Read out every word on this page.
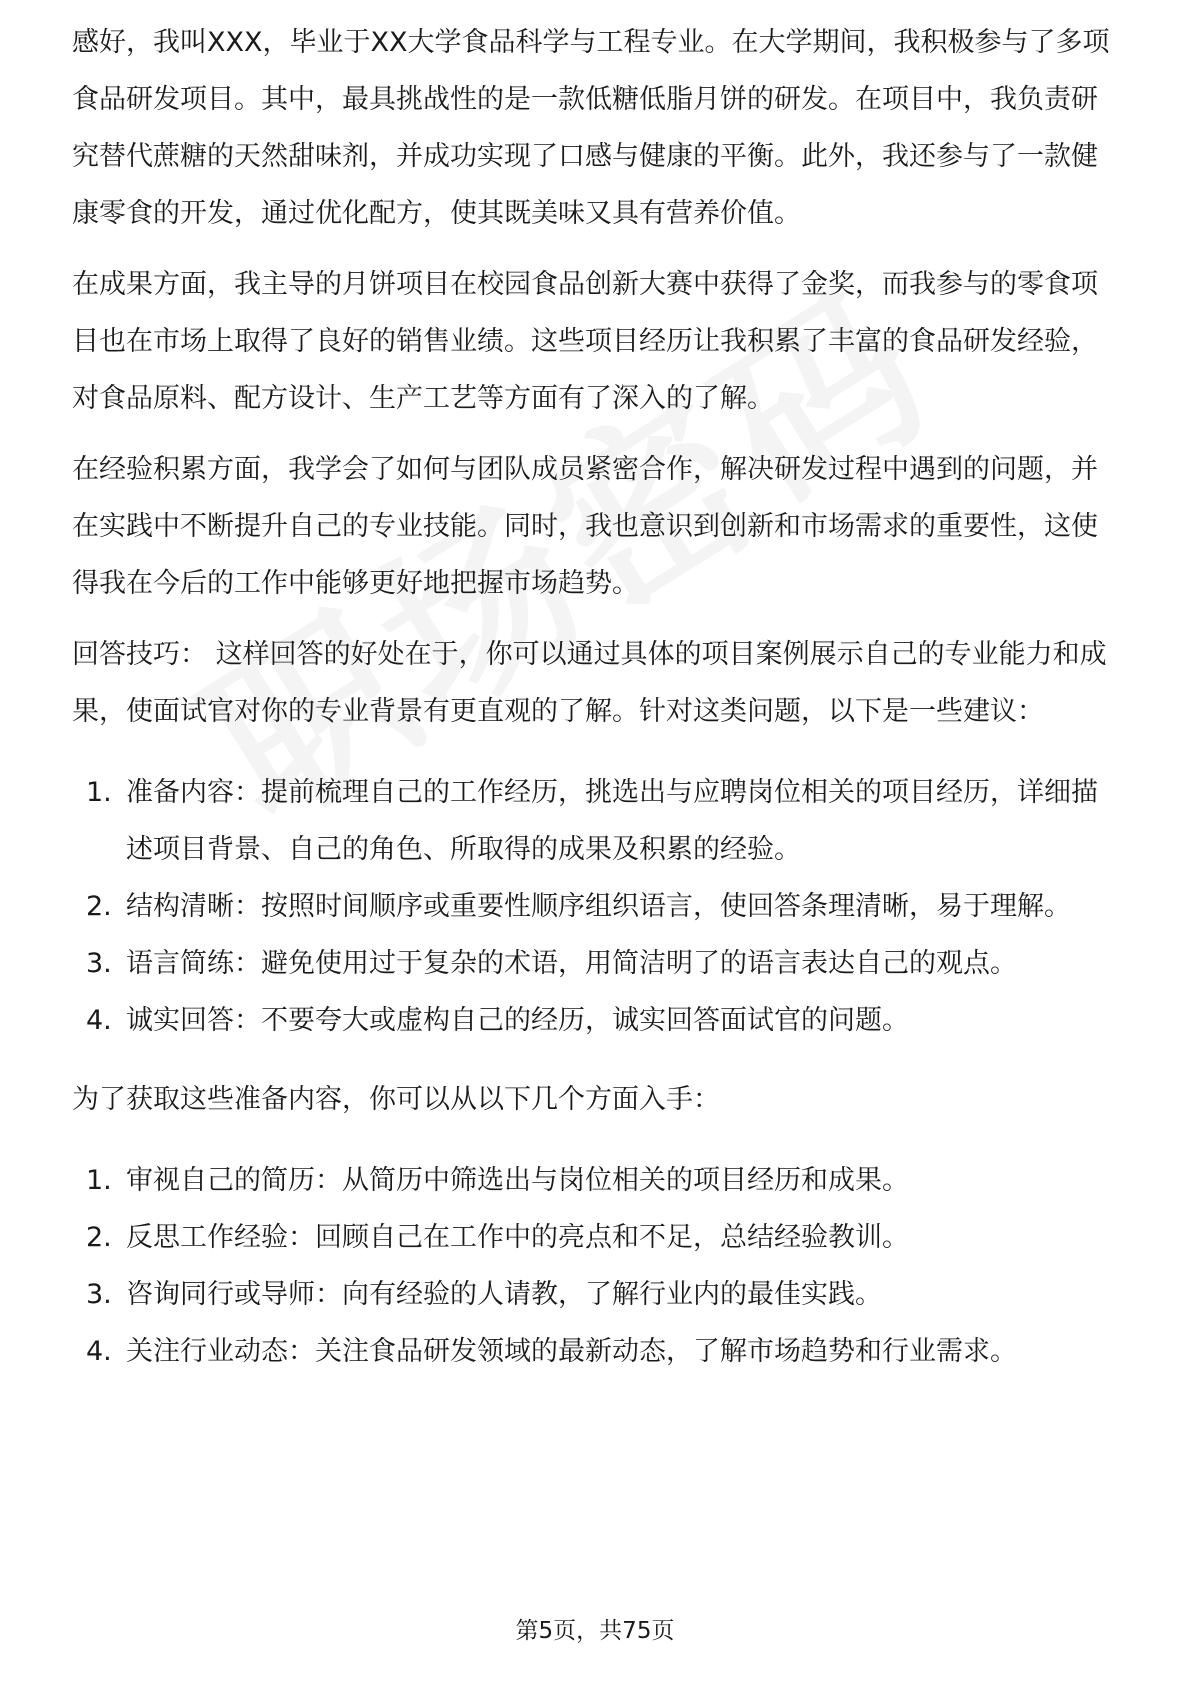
感好，我叫XXX，毕业于XX大学食品科学与工程专业。在大学期间，我积极参与了多项食品研发项目。其中，最具挑战性的是一款低糖低脂月饼的研发。在项目中，我负责研究替代蔗糖的天然甜味剂，并成功实现了口感与健康的平衡。此外，我还参与了一款健康零食的开发，通过优化配方，使其既美味又具有营养价值。

在成果方面，我主导的月饼项目在校园食品创新大赛中获得了金奖，而我参与的零食项目也在市场上取得了良好的销售业绩。这些项目经历让我积累了丰富的食品研发经验，对食品原料、配方设计、生产工艺等方面有了深入的了解。

在经验积累方面，我学会了如何与团队成员紧密合作，解决研发过程中遇到的问题，并在实践中不断提升自己的专业技能。同时，我也意识到创新和市场需求的重要性，这使得我在今后的工作中能够更好地把握市场趋势。

回答技巧： 这样回答的好处在于，你可以通过具体的项目案例展示自己的专业能力和成果，使面试官对你的专业背景有更直观的了解。针对这类问题，以下是一些建议：

1. 准备内容：提前梳理自己的工作经历，挑选出与应聘岗位相关的项目经历，详细描述项目背景、自己的角色、所取得的成果及积累的经验。
2. 结构清晰：按照时间顺序或重要性顺序组织语言，使回答条理清晰，易于理解。
3. 语言简练：避免使用过于复杂的术语，用简洁明了的语言表达自己的观点。
4. 诚实回答：不要夸大或虚构自己的经历，诚实回答面试官的问题。

为了获取这些准备内容，你可以从以下几个方面入手：

1. 审视自己的简历：从简历中筛选出与岗位相关的项目经历和成果。
2. 反思工作经验：回顾自己在工作中的亮点和不足，总结经验教训。
3. 咨询同行或导师：向有经验的人请教，了解行业内的最佳实践。
4. 关注行业动态：关注食品研发领域的最新动态，了解市场趋势和行业需求。
第5页，共75页
